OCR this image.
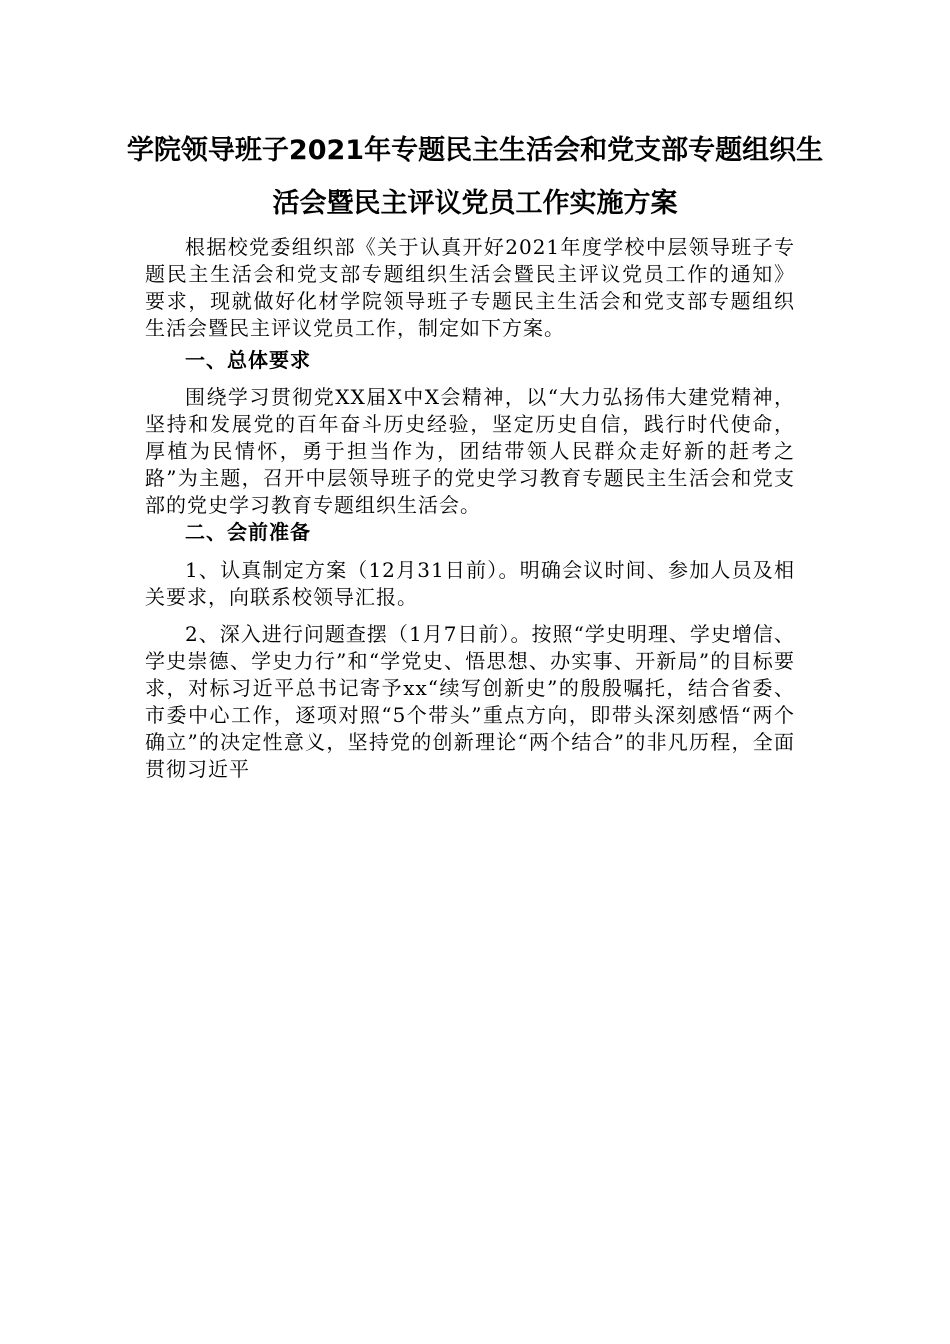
学院领导班子2021年专题民主生活会和党支部专题组织生
活会暨民主评议党员工作实施方案
根据校党委组织部《关于认真开好2021年度学校中层领导班子专题民主生活会和党支部专题组织生活会暨民主评议党员工作的通知》要求，现就做好化材学院领导班子专题民主生活会和党支部专题组织生活会暨民主评议党员工作，制定如下方案。
一、总体要求
围绕学习贯彻党XX届X中X会精神，以“大力弘扬伟大建党精神，坚持和发展党的百年奋斗历史经验，坚定历史自信，践行时代使命，厚植为民情怀，勇于担当作为，团结带领人民群众走好新的赶考之路”为主题，召开中层领导班子的党史学习教育专题民主生活会和党支部的党史学习教育专题组织生活会。
二、会前准备
1、认真制定方案（12月31日前）。明确会议时间、参加人员及相关要求，向联系校领导汇报。
2、深入进行问题查摆（1月7日前）。按照“学史明理、学史增信、学史崇德、学史力行”和“学党史、悟思想、办实事、开新局”的目标要求，对标习近平总书记寄予xx“续写创新史”的殷殷嘱托，结合省委、市委中心工作，逐项对照“5个带头”重点方向，即带头深刻感悟“两个确立”的决定性意义，坚持党的创新理论“两个结合”的非凡历程，全面贯彻习近平
